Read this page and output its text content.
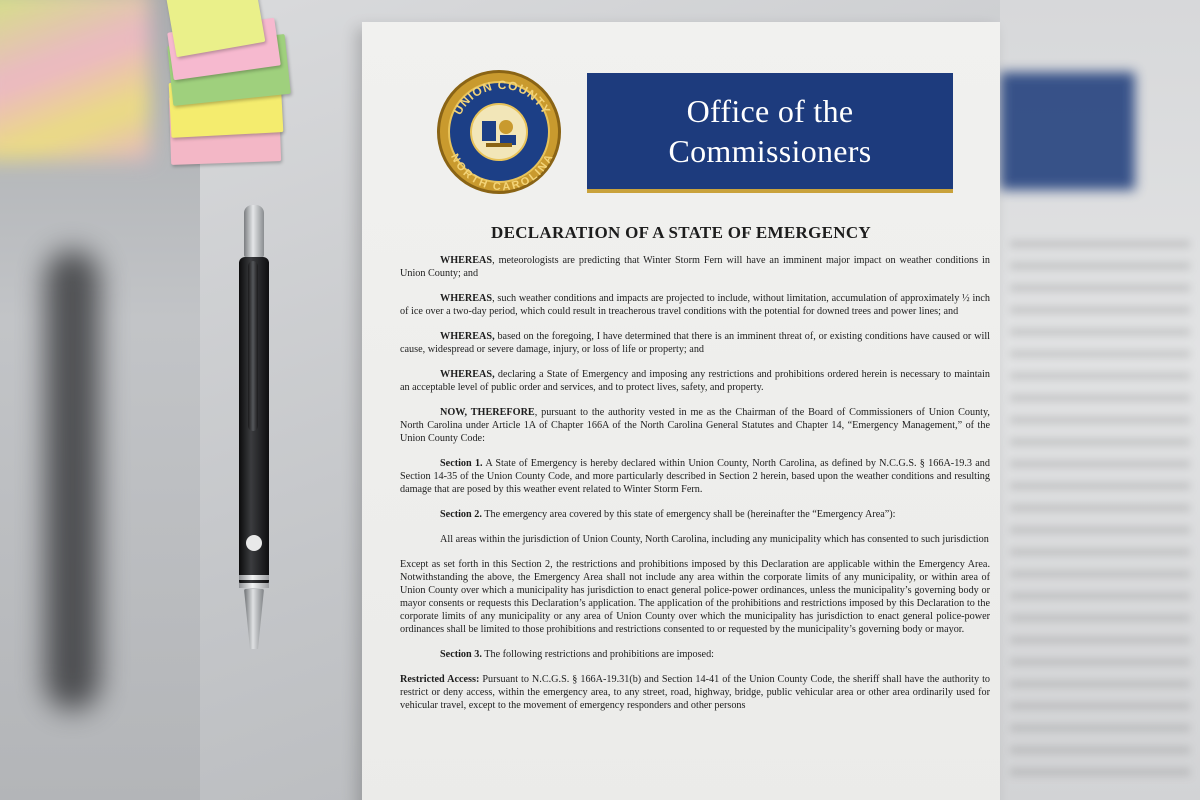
UNION COUNTY
NORTH CAROLINA
Office of the
Commissioners
DECLARATION OF A STATE OF EMERGENCY

WHEREAS, meteorologists are predicting that Winter Storm Fern will have an imminent major impact on weather conditions in Union County; and

WHEREAS, such weather conditions and impacts are projected to include, without limitation, accumulation of approximately ½ inch of ice over a two-day period, which could result in treacherous travel conditions with the potential for downed trees and power lines; and

WHEREAS, based on the foregoing, I have determined that there is an imminent threat of, or existing conditions have caused or will cause, widespread or severe damage, injury, or loss of life or property; and

WHEREAS, declaring a State of Emergency and imposing any restrictions and prohibitions ordered herein is necessary to maintain an acceptable level of public order and services, and to protect lives, safety, and property.

NOW, THEREFORE, pursuant to the authority vested in me as the Chairman of the Board of Commissioners of Union County, North Carolina under Article 1A of Chapter 166A of the North Carolina General Statutes and Chapter 14, “Emergency Management,” of the Union County Code:

Section 1. A State of Emergency is hereby declared within Union County, North Carolina, as defined by N.C.G.S. § 166A-19.3 and Section 14-35 of the Union County Code, and more particularly described in Section 2 herein, based upon the weather conditions and resulting damage that are posed by this weather event related to Winter Storm Fern.

Section 2. The emergency area covered by this state of emergency shall be (hereinafter the “Emergency Area”):

All areas within the jurisdiction of Union County, North Carolina, including any municipality which has consented to such jurisdiction

Except as set forth in this Section 2, the restrictions and prohibitions imposed by this Declaration are applicable within the Emergency Area. Notwithstanding the above, the Emergency Area shall not include any area within the corporate limits of any municipality, or within area of Union County over which a municipality has jurisdiction to enact general police-power ordinances, unless the municipality’s governing body or mayor consents or requests this Declaration’s application. The application of the prohibitions and restrictions imposed by this Declaration to the corporate limits of any municipality or any area of Union County over which the municipality has jurisdiction to enact general police-power ordinances shall be limited to those prohibitions and restrictions consented to or requested by the municipality’s governing body or mayor.

Section 3. The following restrictions and prohibitions are imposed:

Restricted Access: Pursuant to N.C.G.S. § 166A-19.31(b) and Section 14-41 of the Union County Code, the sheriff shall have the authority to restrict or deny access, within the emergency area, to any street, road, highway, bridge, public vehicular area or other area ordinarily used for vehicular travel, except to the movement of emergency responders and other persons
